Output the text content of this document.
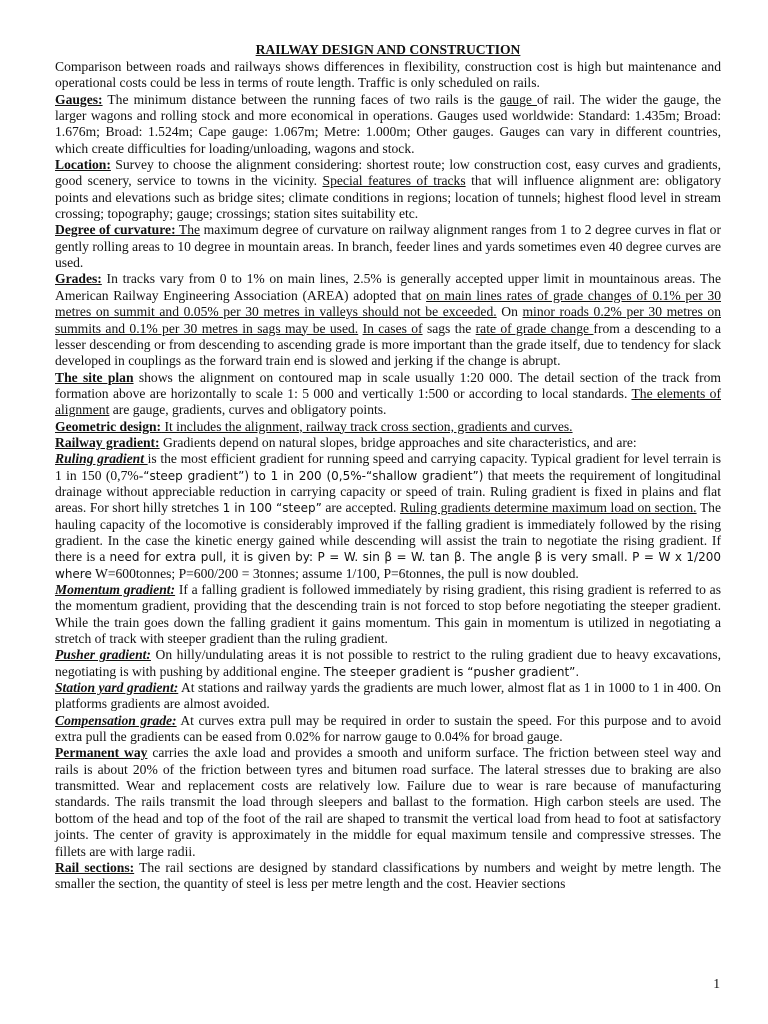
RAILWAY DESIGN AND CONSTRUCTION

Comparison between roads and railways shows differences in flexibility, construction cost is high but maintenance and operational costs could be less in terms of route length. Traffic is only scheduled on rails.

Gauges: The minimum distance between the running faces of two rails is the gauge of rail. The wider the gauge, the larger wagons and rolling stock and more economical in operations. Gauges used worldwide: Standard: 1.435m; Broad: 1.676m; Broad: 1.524m; Cape gauge: 1.067m; Metre: 1.000m; Other gauges. Gauges can vary in different countries, which create difficulties for loading/unloading, wagons and stock.

Location: Survey to choose the alignment considering: shortest route; low construction cost, easy curves and gradients, good scenery, service to towns in the vicinity. Special features of tracks that will influence alignment are: obligatory points and elevations such as bridge sites; climate conditions in regions; location of tunnels; highest flood level in stream crossing; topography; gauge; crossings; station sites suitability etc.

Degree of curvature: The maximum degree of curvature on railway alignment ranges from 1 to 2 degree curves in flat or gently rolling areas to 10 degree in mountain areas. In branch, feeder lines and yards sometimes even 40 degree curves are used.

Grades: In tracks vary from 0 to 1% on main lines, 2.5% is generally accepted upper limit in mountainous areas. The American Railway Engineering Association (AREA) adopted that on main lines rates of grade changes of 0.1% per 30 metres on summit and 0.05% per 30 metres in valleys should not be exceeded. On minor roads 0.2% per 30 metres on summits and 0.1% per 30 metres in sags may be used. In cases of sags the rate of grade change from a descending to a lesser descending or from descending to ascending grade is more important than the grade itself, due to tendency for slack developed in couplings as the forward train end is slowed and jerking if the change is abrupt.

The site plan shows the alignment on contoured map in scale usually 1:20 000. The detail section of the track from formation above are horizontally to scale 1: 5 000 and vertically 1:500 or according to local standards. The elements of alignment are gauge, gradients, curves and obligatory points.

Geometric design: It includes the alignment, railway track cross section, gradients and curves.

Railway gradient: Gradients depend on natural slopes, bridge approaches and site characteristics, and are:

Ruling gradient is the most efficient gradient for running speed and carrying capacity. Typical gradient for level terrain is 1 in 150 (0,7%-“steep gradient”) to 1 in 200 (0,5%-“shallow gradient”) that meets the requirement of longitudinal drainage without appreciable reduction in carrying capacity or speed of train. Ruling gradient is fixed in plains and flat areas. For short hilly stretches 1 in 100 “steep” are accepted. Ruling gradients determine maximum load on section. The hauling capacity of the locomotive is considerably improved if the falling gradient is immediately followed by the rising gradient. In the case the kinetic energy gained while descending will assist the train to negotiate the rising gradient. If there is a need for extra pull, it is given by: P = W. sin β = W. tan β. The angle β is very small. P = W x 1/200 where W=600tonnes; P=600/200 = 3tonnes; assume 1/100, P=6tonnes, the pull is now doubled.

Momentum gradient: If a falling gradient is followed immediately by rising gradient, this rising gradient is referred to as the momentum gradient, providing that the descending train is not forced to stop before negotiating the steeper gradient. While the train goes down the falling gradient it gains momentum. This gain in momentum is utilized in negotiating a stretch of track with steeper gradient than the ruling gradient.

Pusher gradient: On hilly/undulating areas it is not possible to restrict to the ruling gradient due to heavy excavations, negotiating is with pushing by additional engine. The steeper gradient is “pusher gradient”.

Station yard gradient: At stations and railway yards the gradients are much lower, almost flat as 1 in 1000 to 1 in 400. On platforms gradients are almost avoided.

Compensation grade: At curves extra pull may be required in order to sustain the speed. For this purpose and to avoid extra pull the gradients can be eased from 0.02% for narrow gauge to 0.04% for broad gauge.

Permanent way carries the axle load and provides a smooth and uniform surface. The friction between steel way and rails is about 20% of the friction between tyres and bitumen road surface. The lateral stresses due to braking are also transmitted. Wear and replacement costs are relatively low. Failure due to wear is rare because of manufacturing standards. The rails transmit the load through sleepers and ballast to the formation. High carbon steels are used. The bottom of the head and top of the foot of the rail are shaped to transmit the vertical load from head to foot at satisfactory joints. The center of gravity is approximately in the middle for equal maximum tensile and compressive stresses. The fillets are with large radii.

Rail sections: The rail sections are designed by standard classifications by numbers and weight by metre length. The smaller the section, the quantity of steel is less per metre length and the cost. Heavier sections

1
